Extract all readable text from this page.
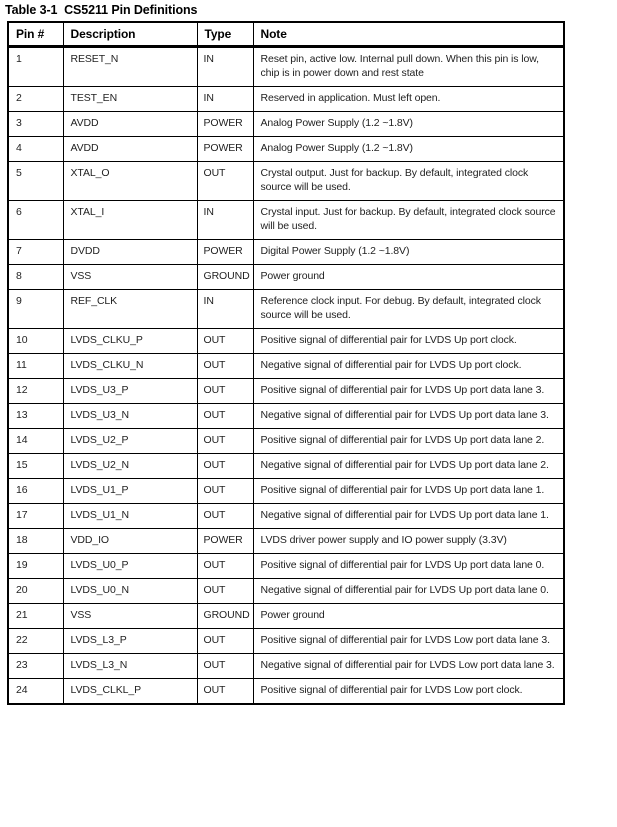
Table 3-1  CS5211 Pin Definitions
Pin #	Description	Type	Note
1	RESET_N	IN	Reset pin, active low. Internal pull down. When this pin is low, chip is in power down and rest state
2	TEST_EN	IN	Reserved in application. Must left open.
3	AVDD	POWER	Analog Power Supply (1.2 ~1.8V)
4	AVDD	POWER	Analog Power Supply (1.2 ~1.8V)
5	XTAL_O	OUT	Crystal output. Just for backup. By default, integrated clock source will be used.
6	XTAL_I	IN	Crystal input. Just for backup. By default, integrated clock source will be used.
7	DVDD	POWER	Digital Power Supply (1.2 ~1.8V)
8	VSS	GROUND	Power ground
9	REF_CLK	IN	Reference clock input. For debug. By default, integrated clock source will be used.
10	LVDS_CLKU_P	OUT	Positive signal of differential pair for LVDS Up port clock.
11	LVDS_CLKU_N	OUT	Negative signal of differential pair for LVDS Up port clock.
12	LVDS_U3_P	OUT	Positive signal of differential pair for LVDS Up port data lane 3.
13	LVDS_U3_N	OUT	Negative signal of differential pair for LVDS Up port data lane 3.
14	LVDS_U2_P	OUT	Positive signal of differential pair for LVDS Up port data lane 2.
15	LVDS_U2_N	OUT	Negative signal of differential pair for LVDS Up port data lane 2.
16	LVDS_U1_P	OUT	Positive signal of differential pair for LVDS Up port data lane 1.
17	LVDS_U1_N	OUT	Negative signal of differential pair for LVDS Up port data lane 1.
18	VDD_IO	POWER	LVDS driver power supply and IO power supply (3.3V)
19	LVDS_U0_P	OUT	Positive signal of differential pair for LVDS Up port data lane 0.
20	LVDS_U0_N	OUT	Negative signal of differential pair for LVDS Up port data lane 0.
21	VSS	GROUND	Power ground
22	LVDS_L3_P	OUT	Positive signal of differential pair for LVDS Low port data lane 3.
23	LVDS_L3_N	OUT	Negative signal of differential pair for LVDS Low port data lane 3.
24	LVDS_CLKL_P	OUT	Positive signal of differential pair for LVDS Low port clock.
